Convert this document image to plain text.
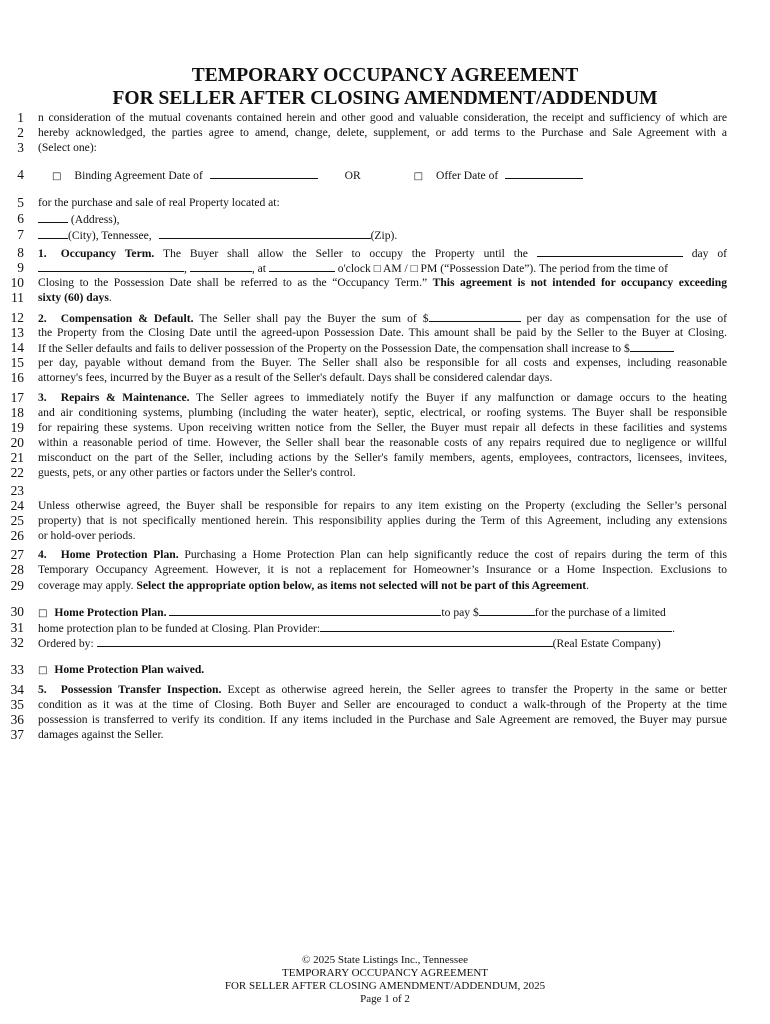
TEMPORARY OCCUPANCY AGREEMENT
FOR SELLER AFTER CLOSING AMENDMENT/ADDENDUM
1
2
3
4
5
6
7
8
9
10
11
12
13
14
15
16
17
18
19
20
21
22
23
24
25
26
27
28
29
30
31
32
33
34
35
36
37
n consideration of the mutual covenants contained herein and other good and valuable consideration, the receipt and sufficiency of which are
hereby acknowledged, the parties agree to amend, change, delete, supplement, or add terms to the Purchase and Sale Agreement with a
(Select one):
□ Binding Agreement Date of	OR	□ Offer Date of
for the purchase and sale of real Property located at:
(Address),
(City), Tennessee,	(Zip).
1. Occupancy Term. The Buyer shall allow the Seller to occupy the Property until the	day of
,	, at	o'clock □ AM / □ PM (“Possession Date”). The period from the time of
Closing to the Possession Date shall be referred to as the “Occupancy Term.” This agreement is not intended for occupancy exceeding
sixty (60) days.
2. Compensation & Default. The Seller shall pay the Buyer the sum of $	per day as compensation for the use of
the Property from the Closing Date until the agreed-upon Possession Date. This amount shall be paid by the Seller to the Buyer at Closing.
If the Seller defaults and fails to deliver possession of the Property on the Possession Date, the compensation shall increase to $
per day, payable without demand from the Buyer. The Seller shall also be responsible for all costs and expenses, including reasonable
attorney's fees, incurred by the Buyer as a result of the Seller's default. Days shall be considered calendar days.
3. Repairs & Maintenance. The Seller agrees to immediately notify the Buyer if any malfunction or damage occurs to the heating
and air conditioning systems, plumbing (including the water heater), septic, electrical, or roofing systems. The Buyer shall be responsible
for repairing these systems. Upon receiving written notice from the Seller, the Buyer must repair all defects in these facilities and systems
within a reasonable period of time. However, the Seller shall bear the reasonable costs of any repairs required due to negligence or willful
misconduct on the part of the Seller, including actions by the Seller's family members, agents, employees, contractors, licensees, invitees,
guests, pets, or any other parties or factors under the Seller's control.
Unless otherwise agreed, the Buyer shall be responsible for repairs to any item existing on the Property (excluding the Seller’s personal
property) that is not specifically mentioned herein. This responsibility applies during the Term of this Agreement, including any extensions
or hold-over periods.
4. Home Protection Plan. Purchasing a Home Protection Plan can help significantly reduce the cost of repairs during the term of this
Temporary Occupancy Agreement. However, it is not a replacement for Homeowner’s Insurance or a Home Inspection. Exclusions to
coverage may apply. Select the appropriate option below, as items not selected will not be part of this Agreement.
□ Home Protection Plan.	to pay $	for the purchase of a limited
home protection plan to be funded at Closing. Plan Provider:	.
Ordered by:	(Real Estate Company)
□ Home Protection Plan waived.
5. Possession Transfer Inspection. Except as otherwise agreed herein, the Seller agrees to transfer the Property in the same or better
condition as it was at the time of Closing. Both Buyer and Seller are encouraged to conduct a walk-through of the Property at the time
possession is transferred to verify its condition. If any items included in the Purchase and Sale Agreement are removed, the Buyer may pursue
damages against the Seller.
© 2025 State Listings Inc., Tennessee
TEMPORARY OCCUPANCY AGREEMENT
FOR SELLER AFTER CLOSING AMENDMENT/ADDENDUM, 2025
Page 1 of 2
